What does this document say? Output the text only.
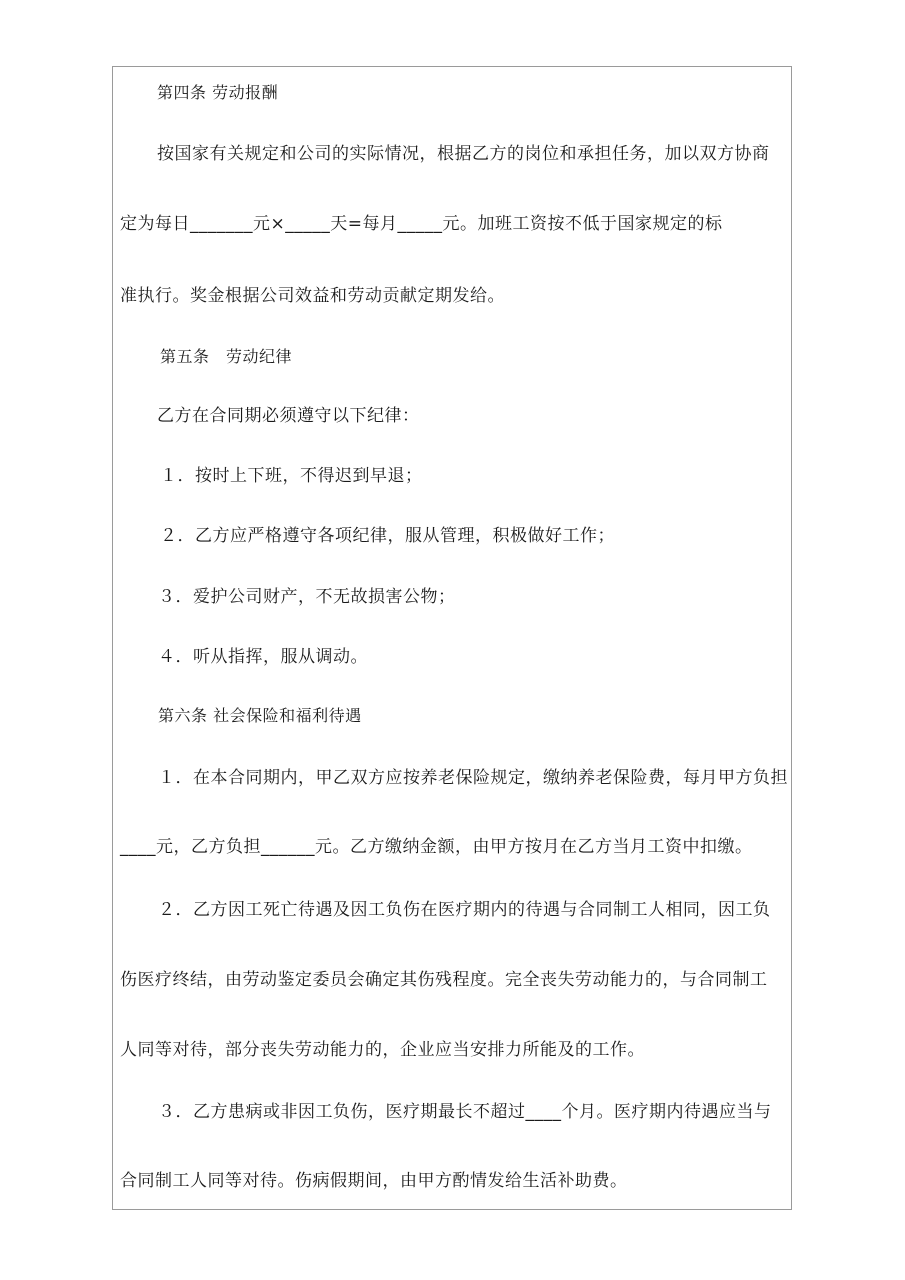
第四条 劳动报酬
按国家有关规定和公司的实际情况，根据乙方的岗位和承担任务，加以双方协商
定为每日_______元×_____天=每月_____元。加班工资按不低于国家规定的标
准执行。奖金根据公司效益和劳动贡献定期发给。
第五条　劳动纪律
乙方在合同期必须遵守以下纪律：
１．按时上下班，不得迟到早退；
２．乙方应严格遵守各项纪律，服从管理，积极做好工作；
３．爱护公司财产，不无故损害公物；
４．听从指挥，服从调动。
第六条 社会保险和福利待遇
１．在本合同期内，甲乙双方应按养老保险规定，缴纳养老保险费，每月甲方负担
____元，乙方负担______元。乙方缴纳金额，由甲方按月在乙方当月工资中扣缴。
２．乙方因工死亡待遇及因工负伤在医疗期内的待遇与合同制工人相同，因工负
伤医疗终结，由劳动鉴定委员会确定其伤残程度。完全丧失劳动能力的，与合同制工
人同等对待，部分丧失劳动能力的，企业应当安排力所能及的工作。
３．乙方患病或非因工负伤，医疗期最长不超过____个月。医疗期内待遇应当与
合同制工人同等对待。伤病假期间，由甲方酌情发给生活补助费。
